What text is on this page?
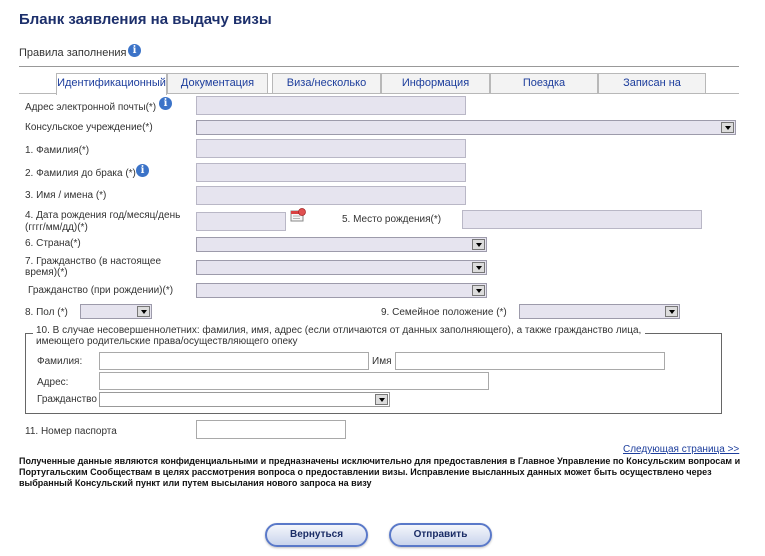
Бланк заявления на выдачу визы
Правила заполнения i
Идентификационный	Документация	Виза/несколько	Информация	Поездка	Записан на
Адрес электронной почты(*) i
Консульское учреждение(*)
1. Фамилия(*)
2. Фамилия до брака (*) i
3. Имя / имена (*)
4. Дата рождения год/месяц/день
(гггг/мм/дд)(*)
5. Место рождения(*)
6. Страна(*)
7. Гражданство (в настоящее
время)(*)
Гражданство (при рождении)(*)
8. Пол (*)	9. Семейное положение (*)
10. В случае несовершеннолетних: фамилия, имя, адрес (если отличаются от данных заполняющего), а также гражданство лица,
имеющего родительские права/осуществляющего опеку
Фамилия:	Имя
Адрес:
Гражданство
11. Номер паспорта
Следующая страница >>
Полученные данные являются конфиденциальными и предназначены исключительно для предоставления в Главное Управление по Консульским вопросам и Португальским Сообществам в целях рассмотрения вопроса о предоставлении визы. Исправление высланных данных может быть осуществлено через выбранный Консульский пункт или путем высылания нового запроса на визу
Вернуться	Отправить
